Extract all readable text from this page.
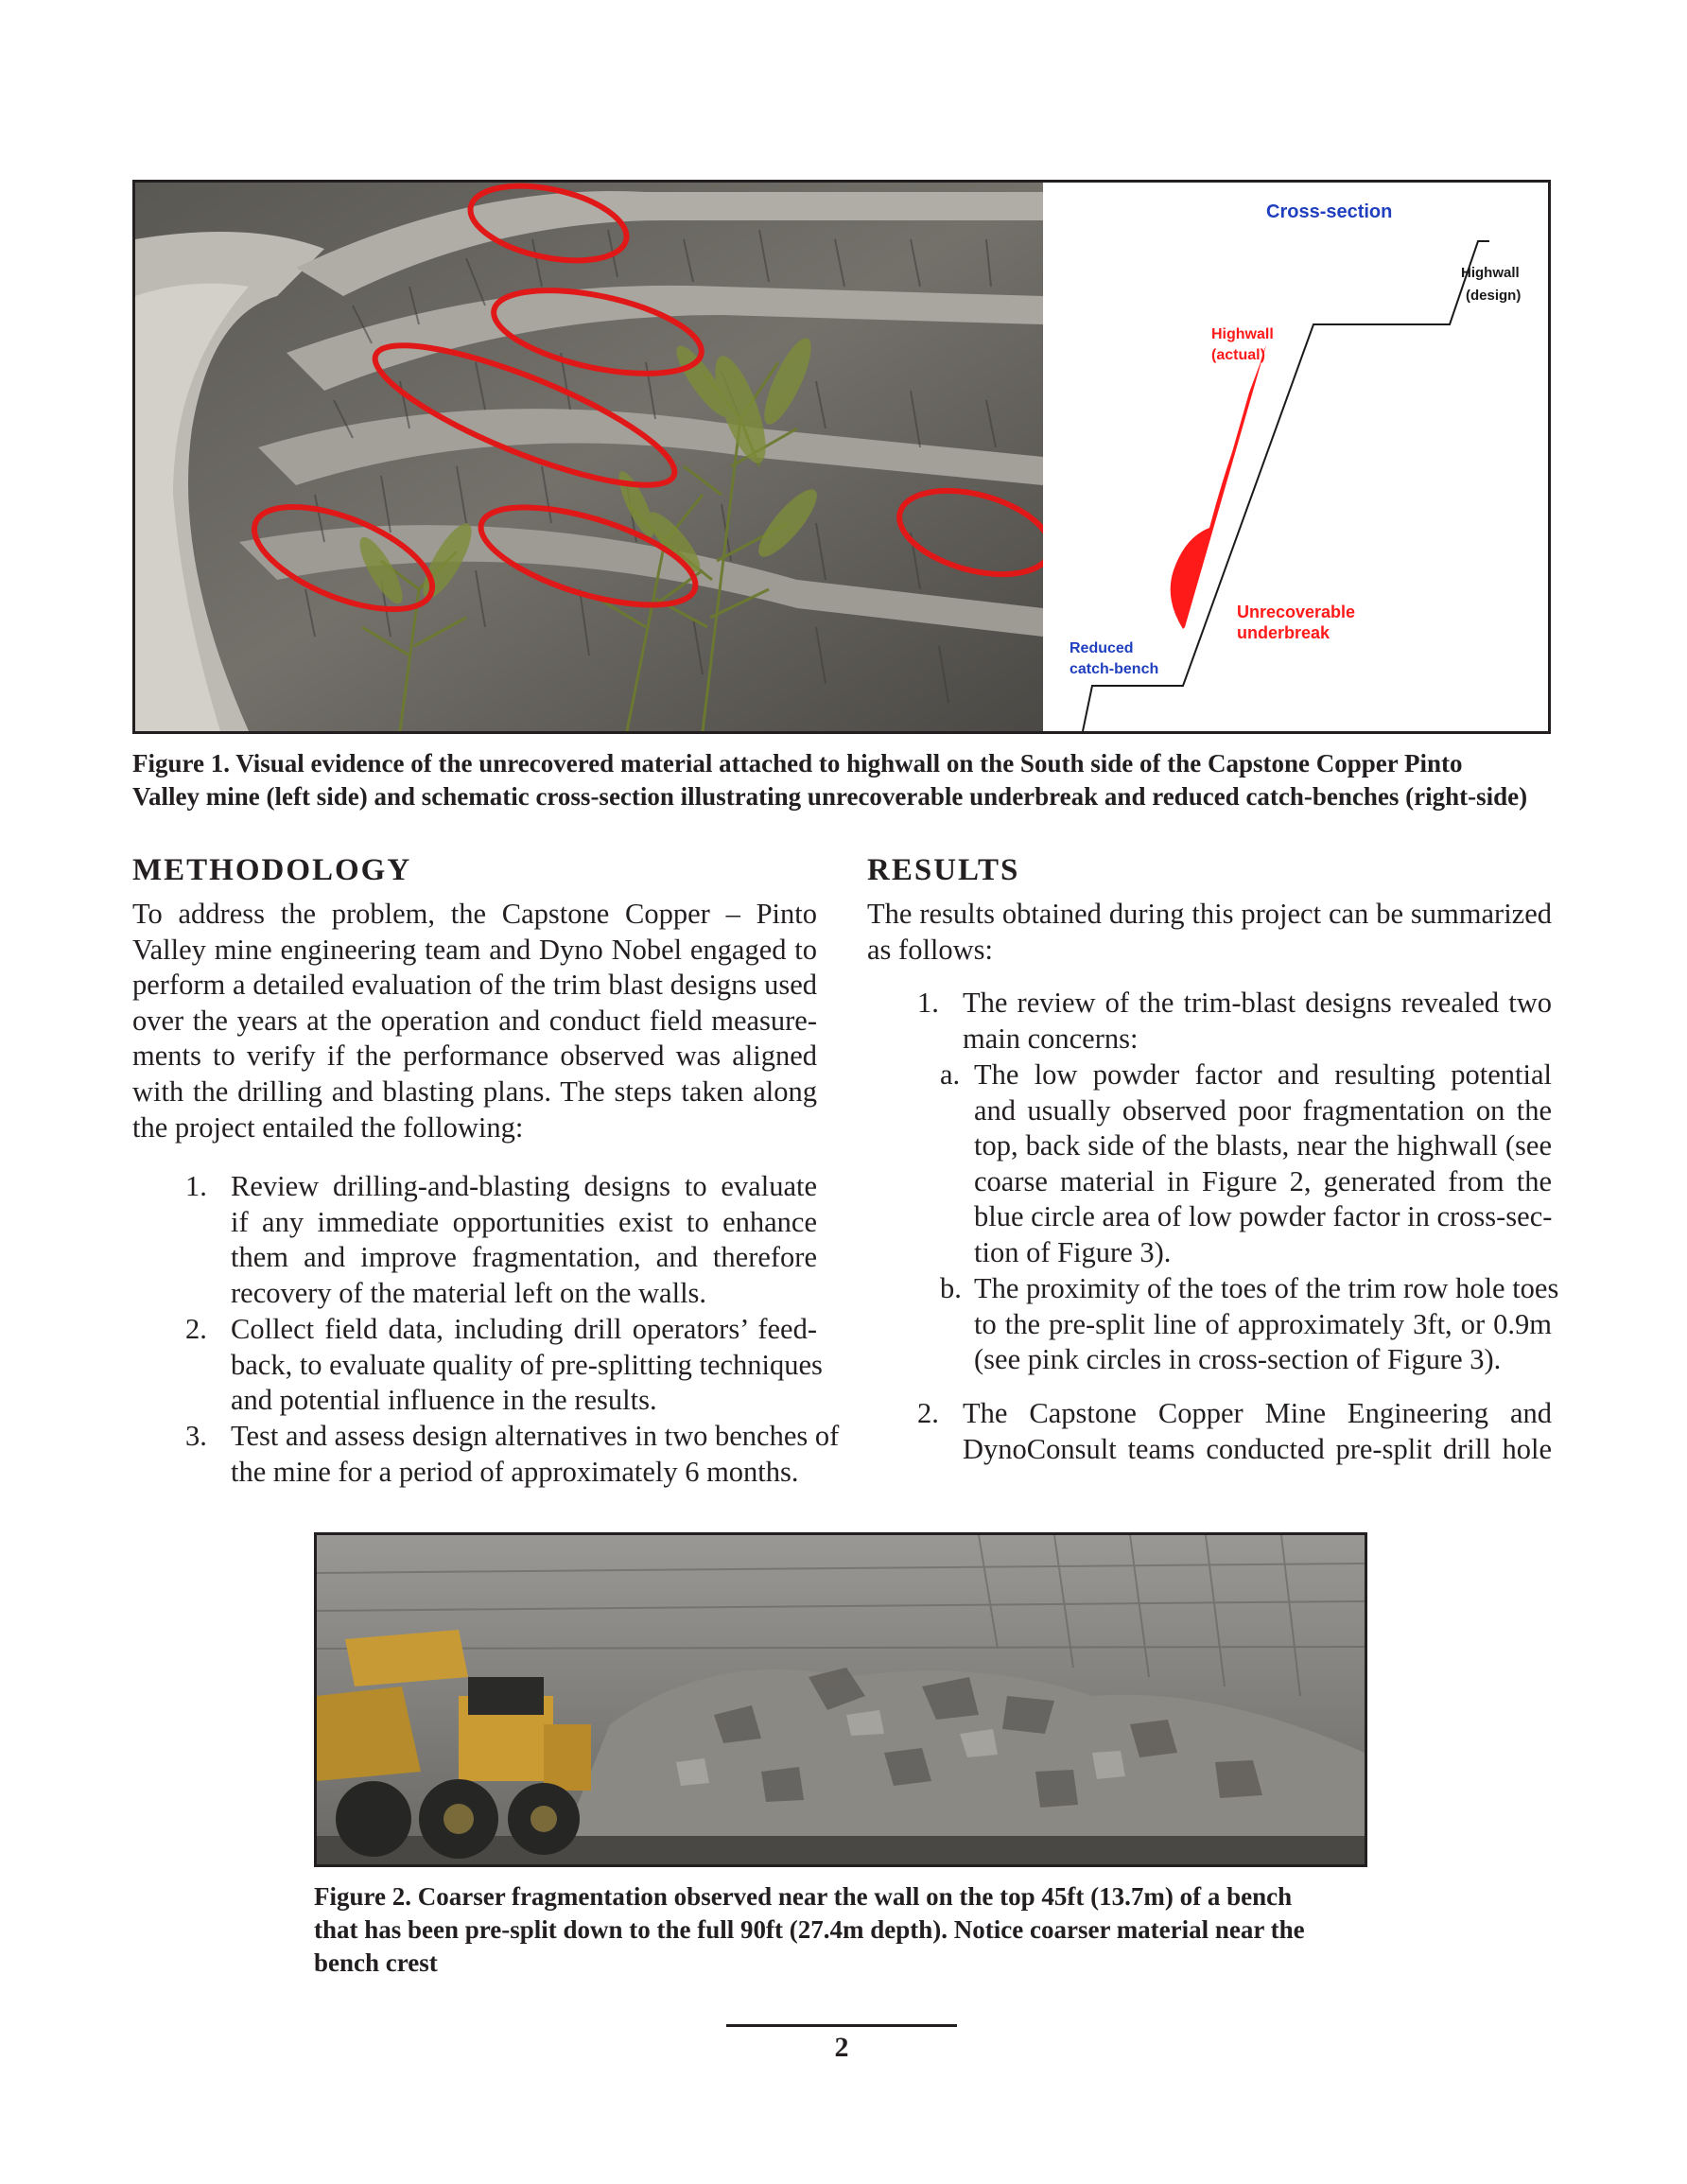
Cross-section
Highwall
(design)
Highwall
(actual)
Unrecoverable
underbreak
Reduced
catch-bench
Figure 1. Visual evidence of the unrecovered material attached to highwall on the South side of the Capstone Copper Pinto
Valley mine (left side) and schematic cross-section illustrating unrecoverable underbreak and reduced catch-benches (right-side)
METHODOLOGY
To address the problem, the Capstone Copper – Pinto
Valley mine engineering team and Dyno Nobel engaged to
perform a detailed evaluation of the trim blast designs used
over the years at the operation and conduct field measure-
ments to verify if the performance observed was aligned
with the drilling and blasting plans. The steps taken along
the project entailed the following:
1. Review drilling-and-blasting designs to evaluate
if any immediate opportunities exist to enhance
them and improve fragmentation, and therefore
recovery of the material left on the walls.
2. Collect field data, including drill operators’ feed-
back, to evaluate quality of pre-splitting techniques
and potential influence in the results.
3. Test and assess design alternatives in two benches of
the mine for a period of approximately 6 months.
RESULTS
The results obtained during this project can be summarized
as follows:
1. The review of the trim-blast designs revealed two
main concerns:
a. The low powder factor and resulting potential
and usually observed poor fragmentation on the
top, back side of the blasts, near the highwall (see
coarse material in Figure 2, generated from the
blue circle area of low powder factor in cross-sec-
tion of Figure 3).
b. The proximity of the toes of the trim row hole toes
to the pre-split line of approximately 3ft, or 0.9m
(see pink circles in cross-section of Figure 3).
2. The Capstone Copper Mine Engineering and
DynoConsult teams conducted pre-split drill hole
Figure 2. Coarser fragmentation observed near the wall on the top 45ft (13.7m) of a bench
that has been pre-split down to the full 90ft (27.4m depth). Notice coarser material near the
bench crest
2
